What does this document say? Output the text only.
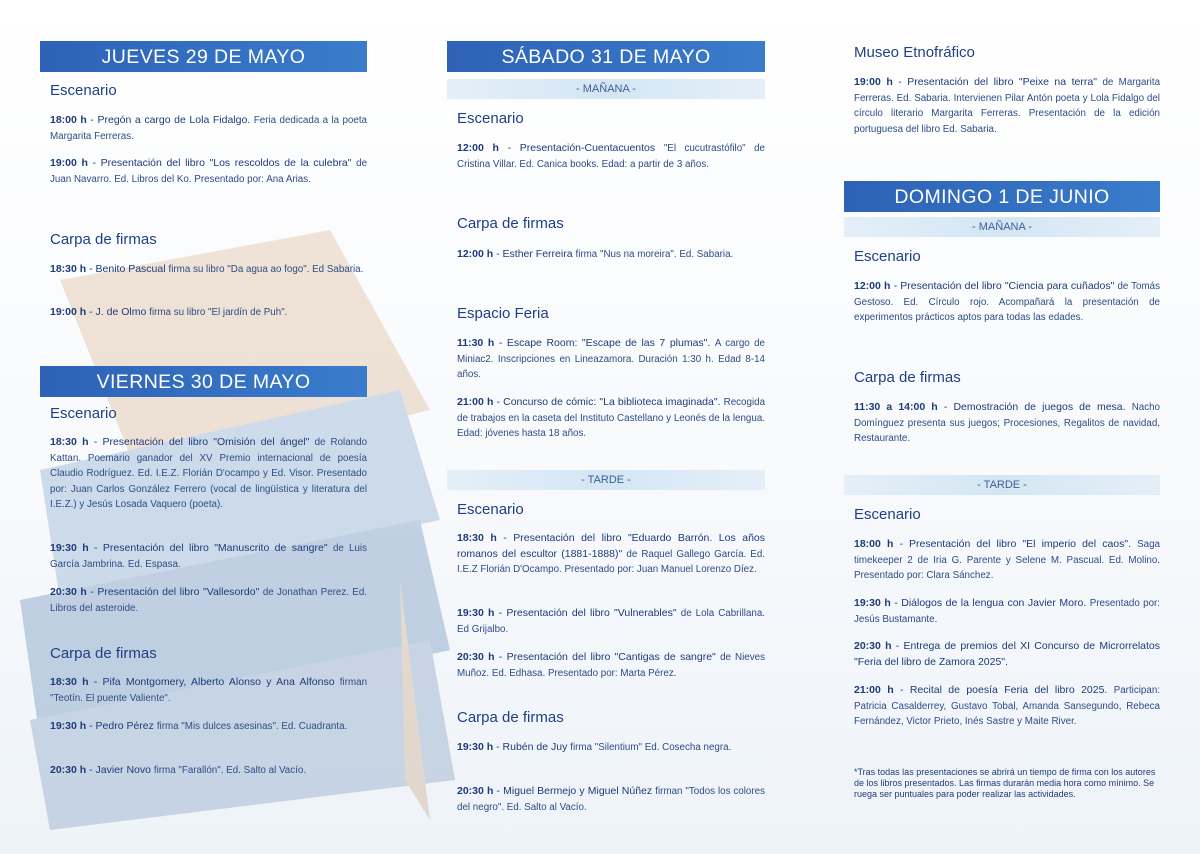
JUEVES 29 DE MAYO
Escenario
18:00 h - Pregón a cargo de Lola Fidalgo. Feria dedicada a la poeta Margarita Ferreras.
19:00 h - Presentación del libro "Los rescoldos de la culebra" de Juan Navarro. Ed. Libros del Ko. Presentado por: Ana Arias.
Carpa de firmas
18:30 h - Benito Pascual firma su libro "Da agua ao fogo". Ed Sabaria.
19:00 h - J. de Olmo firma su libro "El jardín de Puh".
VIERNES 30 DE MAYO
Escenario
18:30 h - Presentación del libro "Omisión del ángel" de Rolando Kattan. Poemario ganador del XV Premio internacional de poesía Claudio Rodríguez. Ed. I.E.Z. Florián D'ocampo y Ed. Visor. Presentado por: Juan Carlos González Ferrero (vocal de lingüística y literatura del I.E.Z.) y Jesús Losada Vaquero (poeta).
19:30 h - Presentación del libro "Manuscrito de sangre" de Luis García Jambrina. Ed. Espasa.
20:30 h - Presentación del libro "Vallesordo" de Jonathan Perez. Ed. Libros del asteroide.
Carpa de firmas
18:30 h - Pifa Montgomery, Alberto Alonso y Ana Alfonso firman "Teotín. El puente Valiente".
19:30 h - Pedro Pérez firma "Mis dulces asesinas". Ed. Cuadranta.
20:30 h - Javier Novo firma "Farallón". Ed. Salto al Vacío.
SÁBADO 31 DE MAYO
- MAÑANA -
Escenario
12:00 h - Presentación-Cuentacuentos "El cucutrastófilo" de Cristina Villar. Ed. Canica books. Edad: a partir de 3 años.
Carpa de firmas
12:00 h - Esther Ferreira firma "Nus na moreira". Ed. Sabaria.
Espacio Feria
11:30 h - Escape Room: "Escape de las 7 plumas". A cargo de Miniac2. Inscripciones en Lineazamora. Duración 1:30 h. Edad 8-14 años.
21:00 h - Concurso de cómic: "La biblioteca imaginada". Recogida de trabajos en la caseta del Instituto Castellano y Leonés de la lengua. Edad: jóvenes hasta 18 años.
- TARDE -
Escenario
18:30 h - Presentación del libro "Eduardo Barrón. Los años romanos del escultor (1881-1888)" de Raquel Gallego García. Ed. I.E.Z Florián D'Ocampo. Presentado por: Juan Manuel Lorenzo Díez.
19:30 h - Presentación del libro "Vulnerables" de Lola Cabrillana. Ed Grijalbo.
20:30 h - Presentación del libro "Cantigas de sangre" de Nieves Muñoz. Ed. Edhasa. Presentado por: Marta Pérez.
Carpa de firmas
19:30 h - Rubén de Juy firma "Silentium" Ed. Cosecha negra.
20:30 h - Miguel Bermejo y Miguel Núñez firman "Todos los colores del negro". Ed. Salto al Vacío.
Museo Etnofráfico
19:00 h - Presentación del libro "Peixe na terra" de Margarita Ferreras. Ed. Sabaria. Intervienen Pilar Antón poeta y Lola Fidalgo del círculo literario Margarita Ferreras. Presentación de la edición portuguesa del libro Ed. Sabaria.
DOMINGO 1 DE JUNIO
- MAÑANA -
Escenario
12:00 h - Presentación del libro "Ciencia para cuñados" de Tomás Gestoso. Ed. Círculo rojo. Acompañará la presentación de experimentos prácticos aptos para todas las edades.
Carpa de firmas
11:30 a 14:00 h - Demostración de juegos de mesa. Nacho Domínguez presenta sus juegos; Procesiones, Regalitos de navidad, Restaurante.
- TARDE -
Escenario
18:00 h - Presentación del libro "El imperio del caos". Saga timekeeper 2 de Iria G. Parente y Selene M. Pascual. Ed. Molino. Presentado por: Clara Sánchez.
19:30 h - Diálogos de la lengua con Javier Moro. Presentado por: Jesús Bustamante.
20:30 h - Entrega de premios del XI Concurso de Microrrelatos "Feria del libro de Zamora 2025".
21:00 h - Recital de poesía Feria del libro 2025. Participan: Patricia Casalderrey, Gustavo Tobal, Amanda Sansegundo, Rebeca Fernández, Victor Prieto, Inés Sastre y Maite River.
*Tras todas las presentaciones se abrirá un tiempo de firma con los autores de los libros presentados. Las firmas durarán media hora como mínimo. Se ruega ser puntuales para poder realizar las actividades.
